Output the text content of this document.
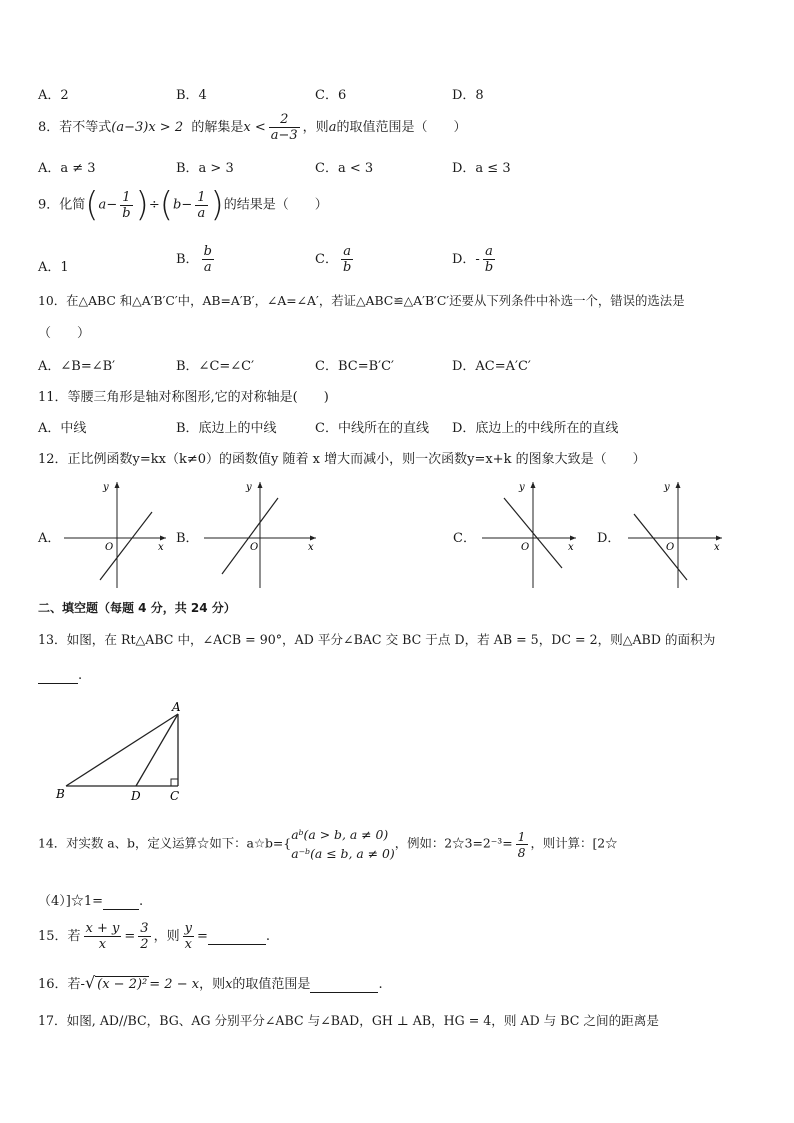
A．2	B．4	C．6	D．8
8．若不等式(a−3)x > 2 的解集是$x < \frac{2}{a-3}$ ，则a的取值范围是（　　）
A．a ≠ 3	B．a > 3	C．a < 3	D．a ≤ 3
9．化简$(a- \frac{1}{b} )\div(b- \frac{1}{a}$ )的结果是（　　）
A．1
B． $\frac{b}{a}$	C． $\frac{a}{b}$	D．- $\frac{a}{b}$
10．在△ABC 和△A′B′C′中，AB=A′B′，∠A=∠A′，若证△ABC≌△A′B′C′还要从下列条件中补选一个，错误的选法是
（　　）
A．∠B=∠B′	B．∠C=∠C′	C．BC=B′C′	D．AC=A′C′
11．等腰三角形是轴对称图形,它的对称轴是(　　)
A．中线	B．底边上的中线	C．中线所在的直线 D．底边上的中线所在的直线
12．正比例函数y=kx（k≠0）的函数值y 随着 x 增大而减小，则一次函数y=x+k 的图象大致是（　　）
A．	B．	C．	D．
y
x
O
y
x
O
y
x
O
y
x
O
二、填空题（每题 4 分，共 24 分）
13．如图，在 Rt△ABC 中，∠ACB = 90°，AD 平分∠BAC 交 BC 于点 D，若 AB = 5，DC = 2，则△ABD 的面积为
.
A
B	D C
14．对实数 a、b，定义运算☆如下：a☆b={
aᵇ(a > b, a ≠ 0)
a⁻ᵇ(a ≤ b, a ≠ 0)
，例如：2☆3=2⁻³= $\frac{1}{8}$ ，则计算：[2☆
（4）]☆1=	.
15．若 $\frac{x + y}{x} = \frac{3}{2}$ ，则 $\frac{y}{x}$ =	.
16．若-√ (x − 2)² = 2 − x，则x的取值范围是	.
17．如图, AD//BC，BG、AG 分别平分∠ABC 与∠BAD，GH ⊥ AB，HG = 4，则 AD 与 BC 之间的距离是
